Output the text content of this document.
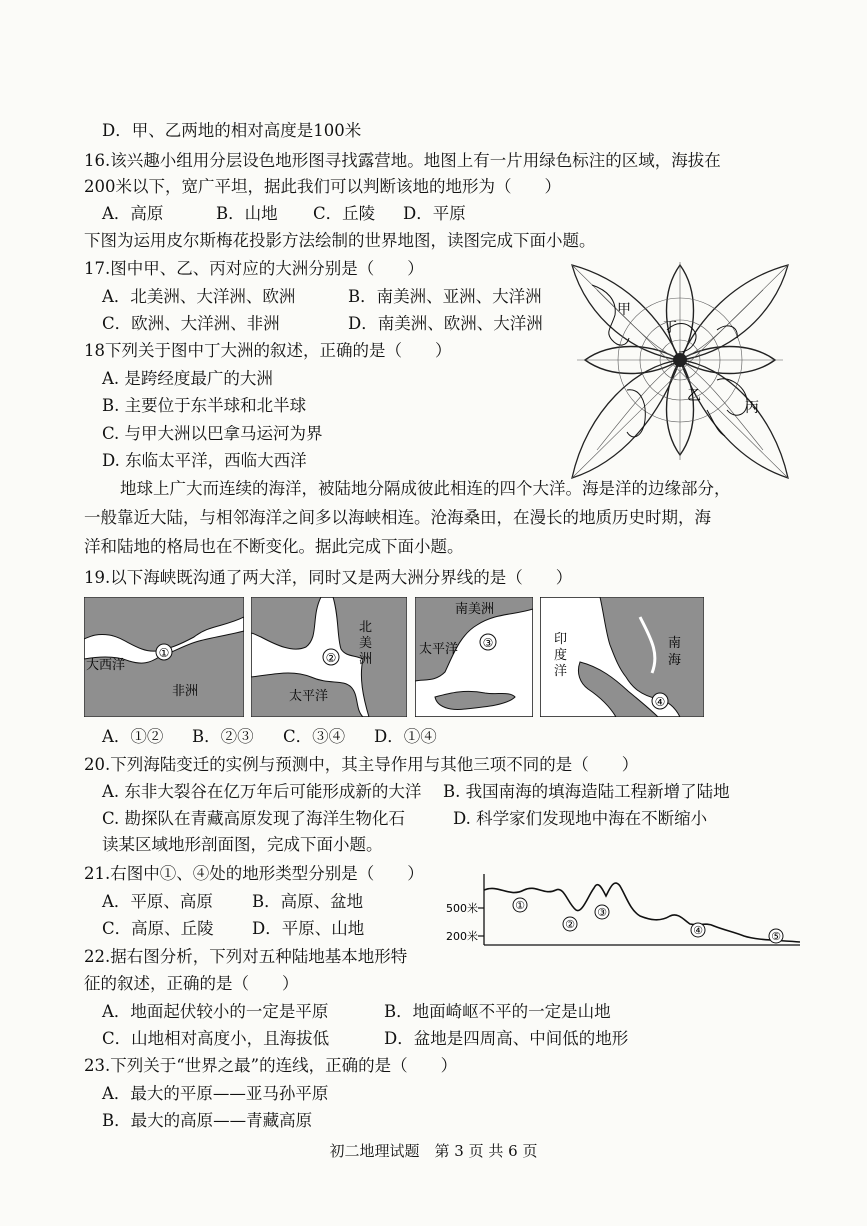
D．甲、乙两地的相对高度是100米
16.该兴趣小组用分层设色地形图寻找露营地。地图上有一片用绿色标注的区域，海拔在
200米以下，宽广平坦，据此我们可以判断该地的地形为（　　）
A．高原	B．山地 C．丘陵 D．平原
下图为运用皮尔斯梅花投影方法绘制的世界地图，读图完成下面小题。
17.图中甲、乙、丙对应的大洲分别是（　　）
A．北美洲、大洋洲、欧洲	B．南美洲、亚洲、大洋洲
C．欧洲、大洋洲、非洲	D．南美洲、欧洲、大洋洲
18下列关于图中丁大洲的叙述，正确的是（　　）
A. 是跨经度最广的大洲
B. 主要位于东半球和北半球
C. 与甲大洲以巴拿马运河为界
D. 东临太平洋，西临大西洋
甲
丁
乙
丙
地球上广大而连续的海洋，被陆地分隔成彼此相连的四个大洋。海是洋的边缘部分，
一般靠近大陆，与相邻海洋之间多以海峡相连。沧海桑田，在漫长的地质历史时期，海
洋和陆地的格局也在不断变化。据此完成下面小题。
19.以下海峡既沟通了两大洋，同时又是两大洲分界线的是（　　）
大西洋
非洲
①
北
美
洲
太平洋
②
南美洲
太平洋 ③	印
度
洋
南
海
④
A．①② B．②③ C．③④ D．①④
20.下列海陆变迁的实例与预测中，其主导作用与其他三项不同的是（　　）
A. 东非大裂谷在亿万年后可能形成新的大洋 B. 我国南海的填海造陆工程新增了陆地
C. 勘探队在青藏高原发现了海洋生物化石	D. 科学家们发现地中海在不断缩小
读某区域地形剖面图，完成下面小题。
21.右图中①、④处的地形类型分别是（　　）
A．平原、高原 B．高原、盆地
C．高原、丘陵 D．平原、山地
500米
200米
①
②
③
④	⑤
22.据右图分析，下列对五种陆地基本地形特
征的叙述，正确的是（　　）
A．地面起伏较小的一定是平原	B．地面崎岖不平的一定是山地
C．山地相对高度小，且海拔低	D．盆地是四周高、中间低的地形
23.下列关于“世界之最”的连线，正确的是（　　）
A．最大的平原——亚马孙平原
B．最大的高原——青藏高原
初二地理试题　第 3 页 共 6 页
